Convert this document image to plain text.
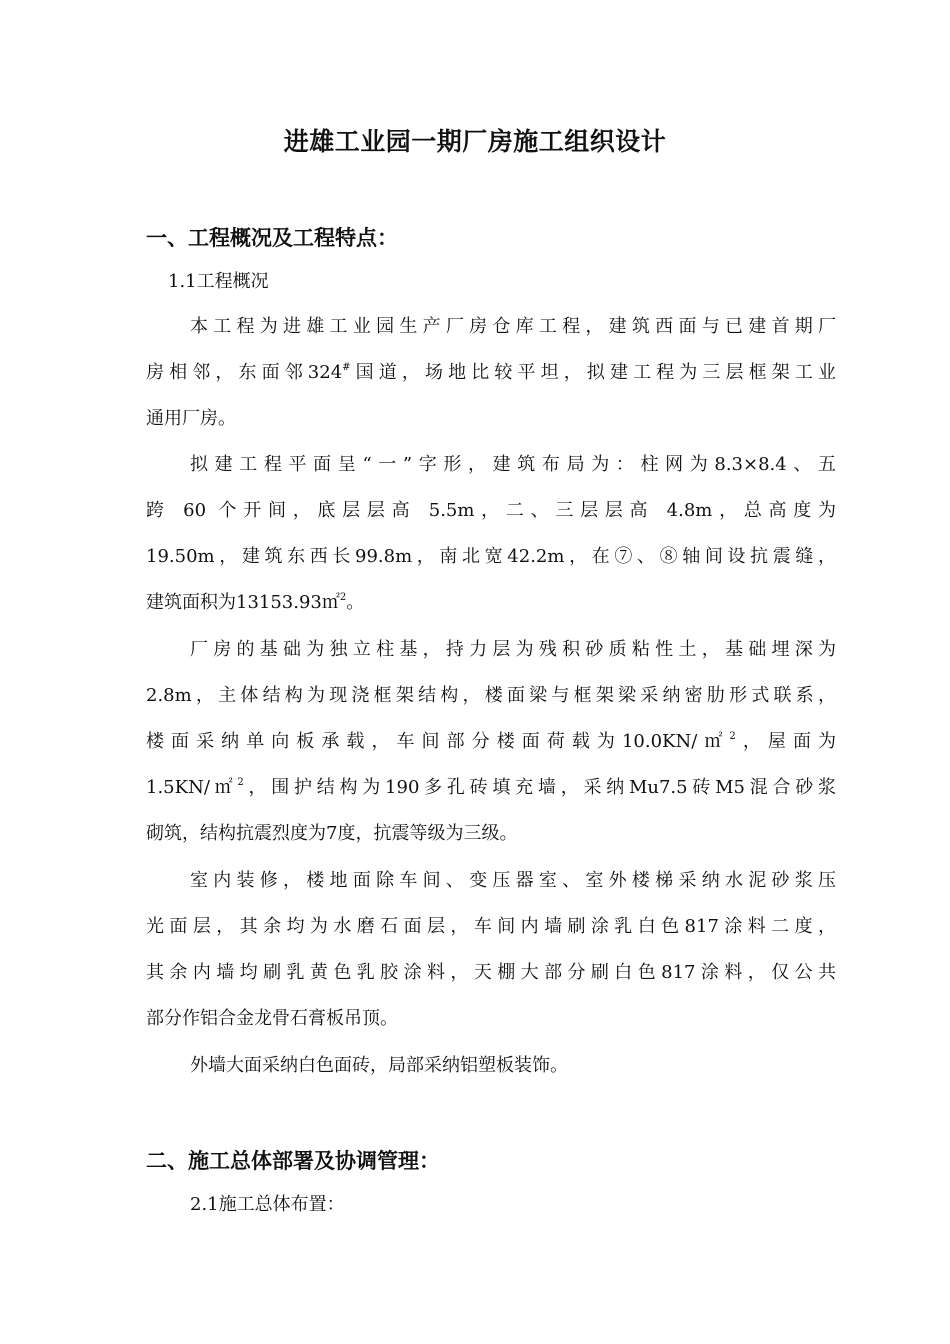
进雄工业园一期厂房施工组织设计
一、工程概况及工程特点：
1.1工程概况
本工程为进雄工业园生产厂房仓库工程，建筑西面与已建首期厂
房相邻，东面邻324#国道，场地比较平坦，拟建工程为三层框架工业
通用厂房。
拟建工程平面呈“一”字形，建筑布局为：柱网为8.3×8.4、五
跨 60 个开间，底层层高 5.5m，二、三层层高 4.8m，总高度为
19.50m，建筑东西长99.8m，南北宽42.2m，在⑦、⑧轴间设抗震缝，
建筑面积为13153.93㎡$^2$。
厂房的基础为独立柱基，持力层为残积砂质粘性土，基础埋深为
2.8m，主体结构为现浇框架结构，楼面梁与框架梁采纳密肋形式联系，
楼面采纳单向板承载，车间部分楼面荷载为10.0KN/㎡$^2$，屋面为
1.5KN/㎡$^2$，围护结构为190多孔砖填充墙，采纳Mu7.5砖M5混合砂浆
砌筑，结构抗震烈度为7度，抗震等级为三级。
室内装修，楼地面除车间、变压器室、室外楼梯采纳水泥砂浆压
光面层，其余均为水磨石面层，车间内墙刷涂乳白色817涂料二度，
其余内墙均刷乳黄色乳胶涂料，天棚大部分刷白色817涂料，仅公共
部分作铝合金龙骨石膏板吊顶。
外墙大面采纳白色面砖，局部采纳铝塑板装饰。
二、施工总体部署及协调管理：
2.1施工总体布置：
